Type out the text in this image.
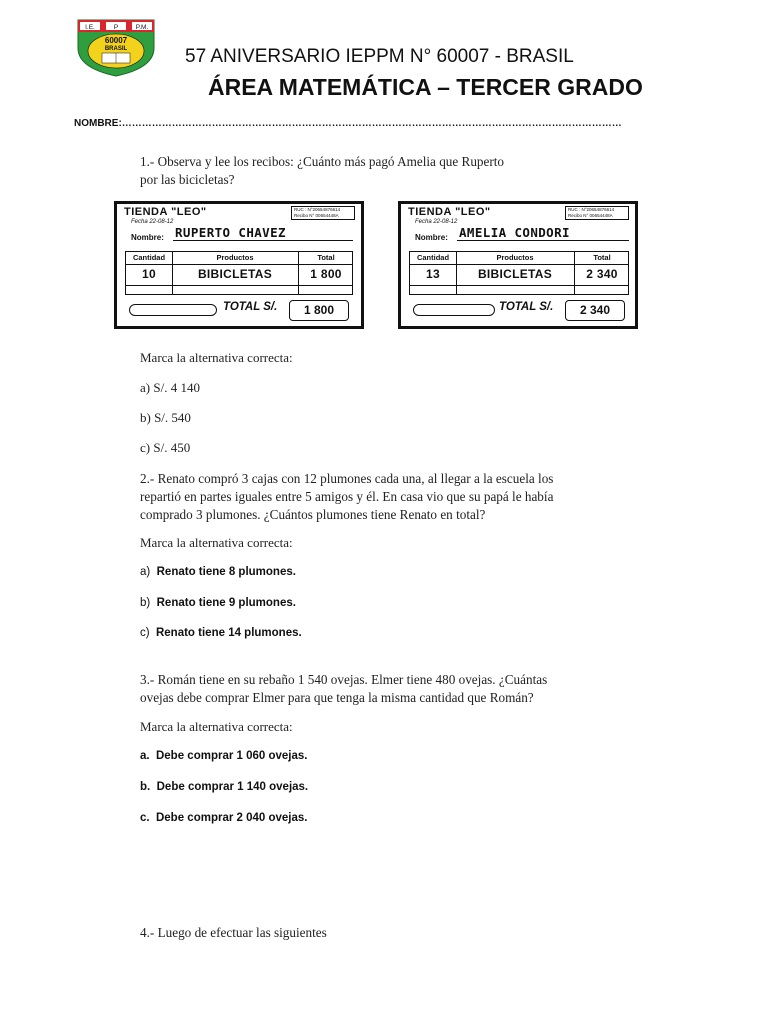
I.E.	P	P.M.
60007
BRASIL	57 ANIVERSARIO IEPPM N° 60007 - BRASIL
ÁREA MATEMÁTICA – TERCER GRADO
NOMBRE:……………………………………………………………………………………………………………………………………
1.- Observa y lee los recibos: ¿Cuánto más pagó Amelia que Ruperto
por las bicicletas?
TIENDA "LEO"
Fecha 22-08-12
RUC : N°20654876614
Recibo N° 00654448A
Nombre: RUPERTO CHAVEZ
Cantidad	Productos	Total
10	BIBICLETAS	1 800
TOTAL S/.	1 800
TIENDA "LEO"
Fecha 22-08-12
RUC : N°20654876614
Recibo N° 00654448A
Nombre: AMELIA CONDORI
Cantidad	Productos	Total
13	BIBICLETAS	2 340
TOTAL S/.	2 340
Marca la alternativa correcta:
a) S/. 4 140
b) S/. 540
c) S/. 450
2.- Renato compró 3 cajas con 12 plumones cada una, al llegar a la escuela los
repartió en partes iguales entre 5 amigos y él. En casa vio que su papá le había
comprado 3 plumones. ¿Cuántos plumones tiene Renato en total?
Marca la alternativa correcta:
a) Renato tiene 8 plumones.
b) Renato tiene 9 plumones.
c) Renato tiene 14 plumones.
3.- Román tiene en su rebaño 1 540 ovejas. Elmer tiene 480 ovejas. ¿Cuántas
ovejas debe comprar Elmer para que tenga la misma cantidad que Román?
Marca la alternativa correcta:
a. Debe comprar 1 060 ovejas.
b. Debe comprar 1 140 ovejas.
c. Debe comprar 2 040 ovejas.
4.- Luego de efectuar las siguientes
